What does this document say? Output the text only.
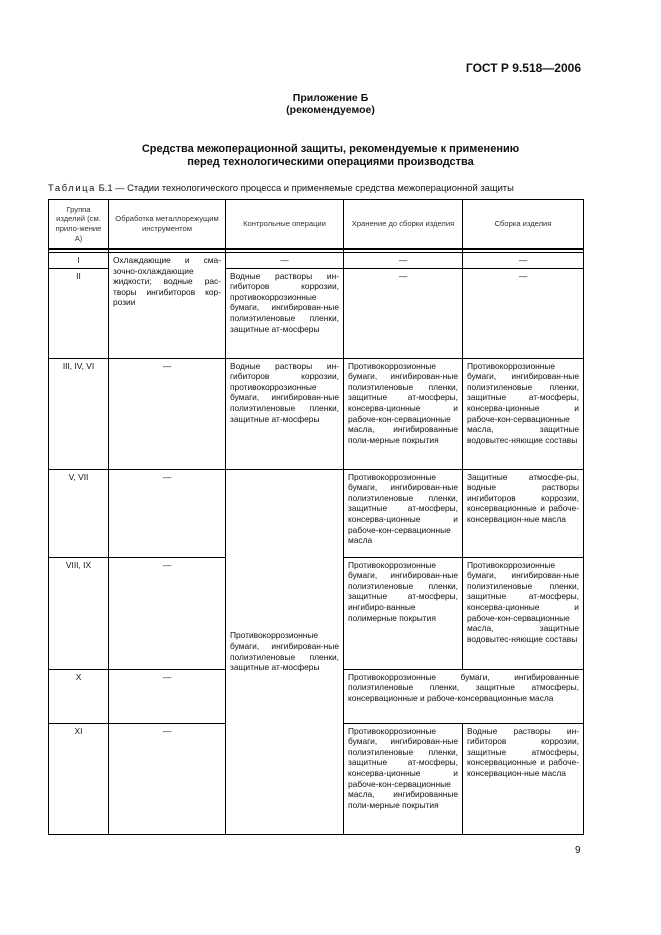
ГОСТ Р 9.518—2006
Приложение Б
(рекомендуемое)
Средства межоперационной защиты, рекомендуемые к применению
перед технологическими операциями производства
Таблица Б.1 — Стадии технологического процесса и применяемые средства межоперационной защиты
Группа изделий (см. прило-жение А)	Обработка металлорежущим инструментом	Контрольные операции	Хранение до сборки изделия	Сборка изделия

I	Охлаждающие и сма-зочно-охлаждающие жидкости; водные рас-творы ингибиторов кор-розии	—	—	—
II		Водные растворы ин-гибиторов коррозии, противокоррозионные бумаги, ингибирован-ные полиэтиленовые пленки, защитные ат-мосферы	—	—
III, IV, VI	—	Водные растворы ин-гибиторов коррозии, противокоррозионные бумаги, ингибирован-ные полиэтиленовые пленки, защитные ат-мосферы	Противокоррозионные бумаги, ингибирован-ные полиэтиленовые пленки, защитные ат-мосферы, консерва-ционные и рабоче-кон-сервационные масла, ингибированные поли-мерные покрытия	Противокоррозионные бумаги, ингибирован-ные полиэтиленовые пленки, защитные ат-мосферы, консерва-ционные и рабоче-кон-сервационные масла, защитные водовытес-няющие составы
V, VII	—	Противокоррозионные бумаги, ингибирован-ные полиэтиленовые пленки, защитные ат-мосферы	Противокоррозионные бумаги, ингибирован-ные полиэтиленовые пленки, защитные ат-мосферы, консерва-ционные и рабоче-кон-сервационные масла	Защитные атмосфе-ры, водные растворы ингибиторов коррозии, консервационные и рабоче-консервацион-ные масла
VIII, IX	—		Противокоррозионные бумаги, ингибирован-ные полиэтиленовые пленки, защитные ат-мосферы, ингибиро-ванные полимерные покрытия	Противокоррозионные бумаги, ингибирован-ные полиэтиленовые пленки, защитные ат-мосферы, консерва-ционные и рабоче-кон-сервационные масла, защитные водовытес-няющие составы
X	—		Противокоррозионные бумаги, ингибированные полиэтиленовые пленки, защитные атмосферы, консервационные и рабоче-консервационные масла	
XI	—		Противокоррозионные бумаги, ингибирован-ные полиэтиленовые пленки, защитные ат-мосферы, консерва-ционные и рабоче-кон-сервационные масла, ингибированные поли-мерные покрытия	Водные растворы ин-гибиторов коррозии, защитные атмосферы, консервационные и рабоче-консервацион-ные масла
9
